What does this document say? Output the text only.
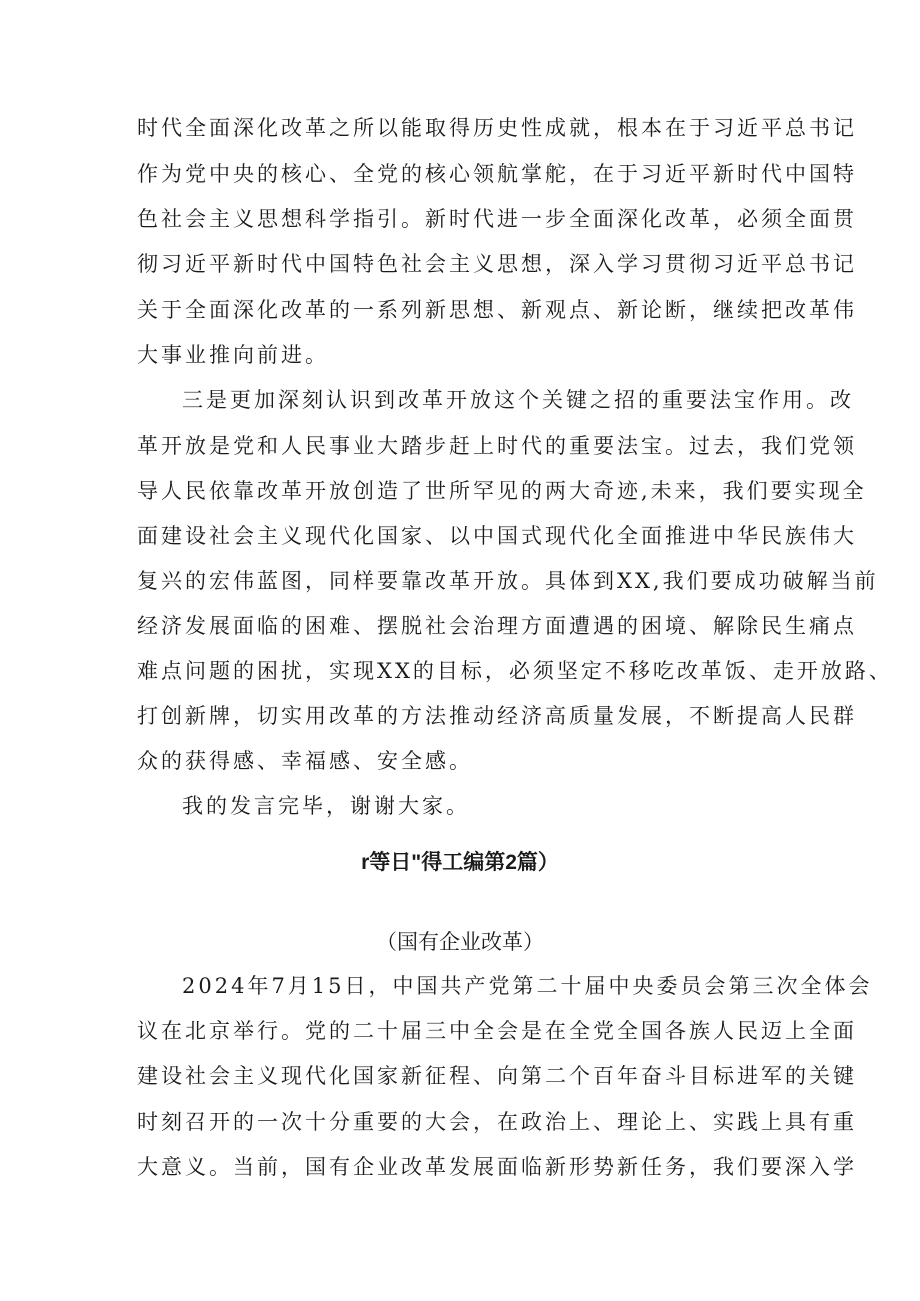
时代全面深化改革之所以能取得历史性成就，根本在于习近平总书记
作为党中央的核心、全党的核心领航掌舵，在于习近平新时代中国特
色社会主义思想科学指引。新时代进一步全面深化改革，必须全面贯
彻习近平新时代中国特色社会主义思想，深入学习贯彻习近平总书记
关于全面深化改革的一系列新思想、新观点、新论断，继续把改革伟
大事业推向前进。
三是更加深刻认识到改革开放这个关键之招的重要法宝作用。改
革开放是党和人民事业大踏步赶上时代的重要法宝。过去，我们党领
导人民依靠改革开放创造了世所罕见的两大奇迹,未来，我们要实现全
面建设社会主义现代化国家、以中国式现代化全面推进中华民族伟大
复兴的宏伟蓝图，同样要靠改革开放。具体到XX,我们要成功破解当前
经济发展面临的困难、摆脱社会治理方面遭遇的困境、解除民生痛点
难点问题的困扰，实现XX的目标，必须坚定不移吃改革饭、走开放路、
打创新牌，切实用改革的方法推动经济高质量发展，不断提高人民群
众的获得感、幸福感、安全感。
我的发言完毕，谢谢大家。
r等日"得工编第2篇）
（国有企业改革）
2024年7月15日，中国共产党第二十届中央委员会第三次全体会
议在北京举行。党的二十届三中全会是在全党全国各族人民迈上全面
建设社会主义现代化国家新征程、向第二个百年奋斗目标进军的关键
时刻召开的一次十分重要的大会，在政治上、理论上、实践上具有重
大意义。当前，国有企业改革发展面临新形势新任务，我们要深入学
